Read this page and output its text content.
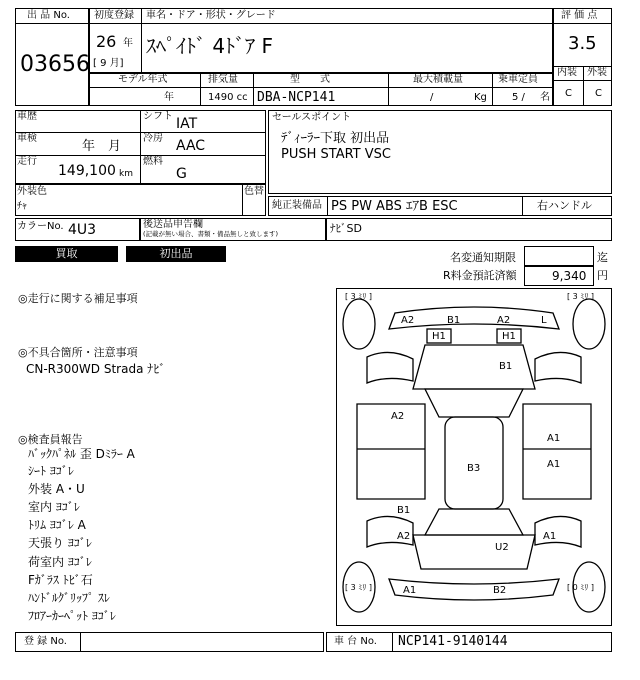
出 品 No.
03656
初度登録 車名・ドア・形状・グレード
26 年
[ 9 月]
ｽﾍﾟｲﾄﾞ 4ﾄﾞｱ F
評 価 点
3.5
内装 外装
C C
モデル年式	排気量	型　　式	最大積載量	乗車定員
年	1490 cc DBA-NCP141	/	Kg	5 / 名
車歴
車検
年　月
走行
149,100 km
シフト IAT
冷房 AAC
燃料
G
セールスポイント
ﾃﾞｨｰﾗｰ下取 初出品
PUSH START VSC
外装色
ﾁｬ
色替
純正装備品 PS PW ABS ｴｱB ESC	右ハンドル
カラーNo. 4U3	後送品申告欄
(記載が無い場合、書類・備品無しと致します)	ﾅﾋﾞSD
買取	初出品	名変通知期限	迄
R料金預託済額	9,340 円
◎走行に関する補足事項
◎不具合箇所・注意事項
CN-R300WD Strada ﾅﾋﾞ
◎検査員報告
ﾊﾞｯｸﾊﾟﾈﾙ 歪 Dﾐﾗｰ A
ｼｰﾄ ﾖｺﾞﾚ
外装 A・U
室内 ﾖｺﾞﾚ
ﾄﾘﾑ ﾖｺﾞﾚ A
天張り ﾖｺﾞﾚ
荷室内 ﾖｺﾞﾚ
Fｶﾞﾗｽ ﾄﾋﾞ石
ﾊﾝﾄﾞﾙｸﾞﾘｯﾌﾟ ｽﾚ
ﾌﾛｱｰｶｰﾍﾟｯﾄ ﾖｺﾞﾚ
[ 3 ﾐﾘ ]	[ 3 ﾐﾘ ]
[ 3 ﾐﾘ ]	[ 0 ﾐﾘ ]
A2	B1	A2	L
H1	H1
B1
A2
A1
A1
B3
B1
A2	A1
U2
A1	B2
登 録 No.	車 台 No. NCP141-9140144
